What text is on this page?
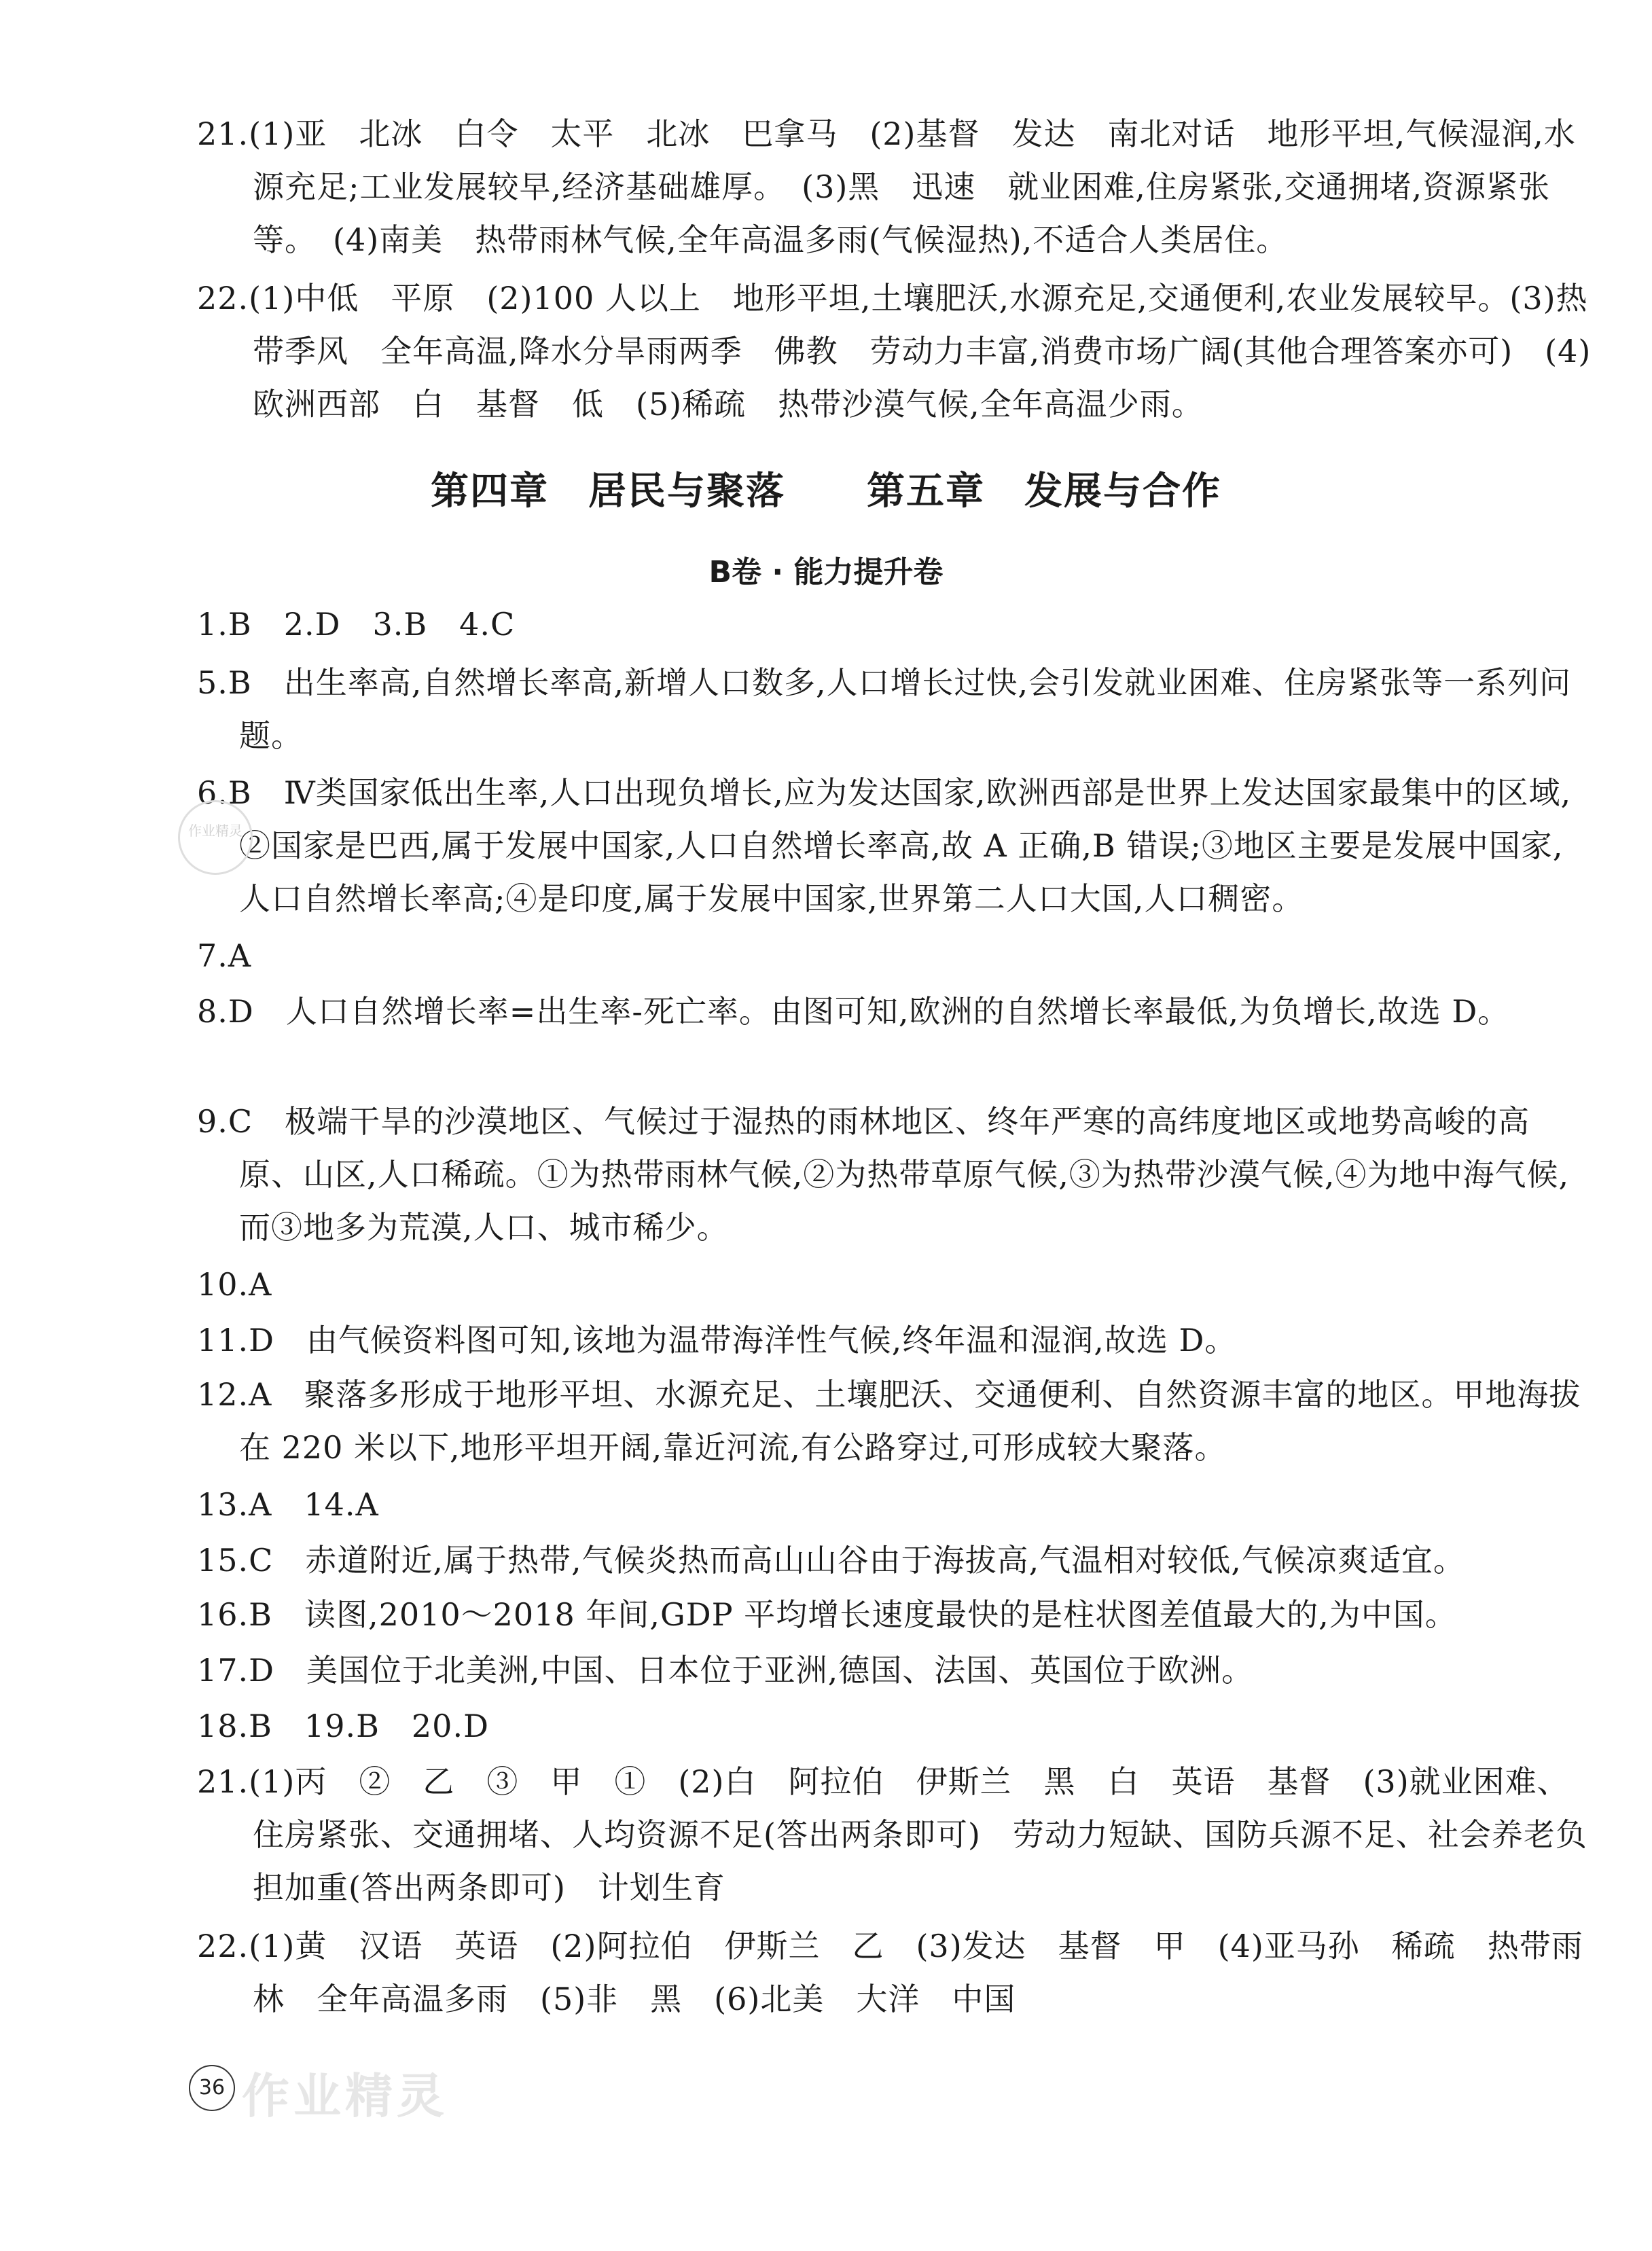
21.(1)亚　北冰　白令　太平　北冰　巴拿马　(2)基督　发达　南北对话　地形平坦,气候湿润,水源充足;工业发展较早,经济基础雄厚。　(3)黑　迅速　就业困难,住房紧张,交通拥堵,资源紧张等。　(4)南美　热带雨林气候,全年高温多雨(气候湿热),不适合人类居住。
22.(1)中低　平原　(2)100 人以上　地形平坦,土壤肥沃,水源充足,交通便利,农业发展较早。(3)热带季风　全年高温,降水分旱雨两季　佛教　劳动力丰富,消费市场广阔(其他合理答案亦可)　(4)欧洲西部　白　基督　低　(5)稀疏　热带沙漠气候,全年高温少雨。
第四章　居民与聚落 第五章　发展与合作
B卷 · 能力提升卷
1.B　2.D　3.B　4.C
5.B　出生率高,自然增长率高,新增人口数多,人口增长过快,会引发就业困难、住房紧张等一系列问题。
6.B　Ⅳ类国家低出生率,人口出现负增长,应为发达国家,欧洲西部是世界上发达国家最集中的区域,②国家是巴西,属于发展中国家,人口自然增长率高,故 A 正确,B 错误;③地区主要是发展中国家,人口自然增长率高;④是印度,属于发展中国家,世界第二人口大国,人口稠密。
7.A
8.D　人口自然增长率=出生率-死亡率。由图可知,欧洲的自然增长率最低,为负增长,故选 D。
9.C　极端干旱的沙漠地区、气候过于湿热的雨林地区、终年严寒的高纬度地区或地势高峻的高原、山区,人口稀疏。①为热带雨林气候,②为热带草原气候,③为热带沙漠气候,④为地中海气候,而③地多为荒漠,人口、城市稀少。
10.A
11.D　由气候资料图可知,该地为温带海洋性气候,终年温和湿润,故选 D。
12.A　聚落多形成于地形平坦、水源充足、土壤肥沃、交通便利、自然资源丰富的地区。甲地海拔在 220 米以下,地形平坦开阔,靠近河流,有公路穿过,可形成较大聚落。
13.A　14.A
15.C　赤道附近,属于热带,气候炎热而高山山谷由于海拔高,气温相对较低,气候凉爽适宜。
16.B　读图,2010～2018 年间,GDP 平均增长速度最快的是柱状图差值最大的,为中国。
17.D　美国位于北美洲,中国、日本位于亚洲,德国、法国、英国位于欧洲。
18.B　19.B　20.D
21.(1)丙　②　乙　③　甲　①　(2)白　阿拉伯　伊斯兰　黑　白　英语　基督　(3)就业困难、住房紧张、交通拥堵、人均资源不足(答出两条即可)　劳动力短缺、国防兵源不足、社会养老负担加重(答出两条即可)　计划生育
22.(1)黄　汉语　英语　(2)阿拉伯　伊斯兰　乙　(3)发达　基督　甲　(4)亚马孙　稀疏　热带雨林　全年高温多雨　(5)非　黑　(6)北美　大洋　中国
作业精灵
36 作业精灵
